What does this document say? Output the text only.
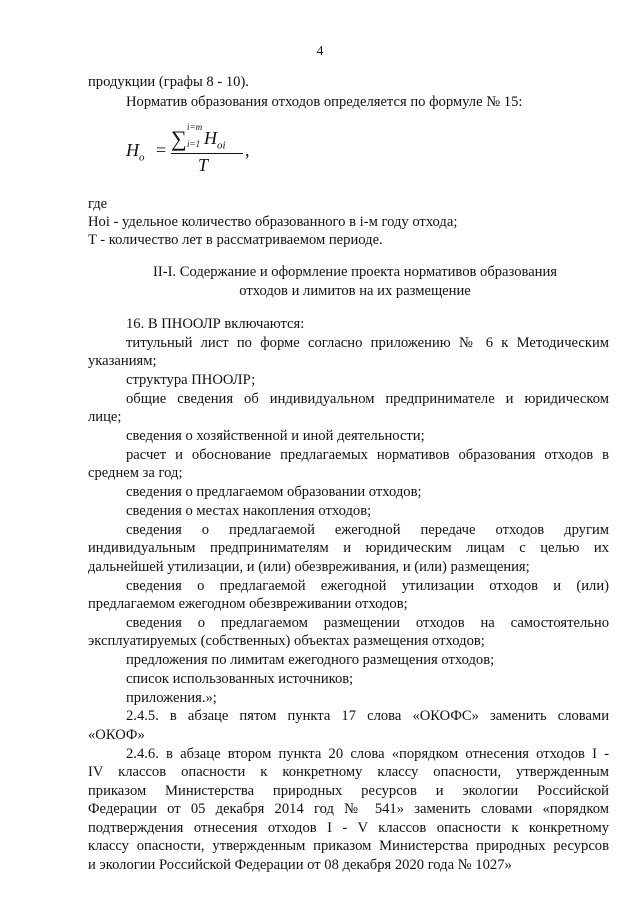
4
$H_o$ = ∑ i=m
i=1 $H_{oi}$
T
,
продукции (графы 8 - 10).
Норматив образования отходов определяется по формуле № 15:
где
Hoi - удельное количество образованного в i-м году отхода;
T - количество лет в рассматриваемом периоде.
II-I. Содержание и оформление проекта нормативов образования
отходов и лимитов на их размещение
16. В ПНООЛР включаются:
титульный лист по форме согласно приложению № 6 к Методическим
указаниям;
структура ПНООЛР;
общие сведения об индивидуальном предпринимателе и юридическом
лице;
сведения о хозяйственной и иной деятельности;
расчет и обоснование предлагаемых нормативов образования отходов в
среднем за год;
сведения о предлагаемом образовании отходов;
сведения о местах накопления отходов;
сведения о предлагаемой ежегодной передаче отходов другим
индивидуальным предпринимателям и юридическим лицам с целью их
дальнейшей утилизации, и (или) обезвреживания, и (или) размещения;
сведения о предлагаемой ежегодной утилизации отходов и (или)
предлагаемом ежегодном обезвреживании отходов;
сведения о предлагаемом размещении отходов на самостоятельно
эксплуатируемых (собственных) объектах размещения отходов;
предложения по лимитам ежегодного размещения отходов;
список использованных источников;
приложения.»;
2.4.5. в абзаце пятом пункта 17 слова «ОКОФС» заменить словами
«ОКОФ»
2.4.6. в абзаце втором пункта 20 слова «порядком отнесения отходов I -
IV классов опасности к конкретному классу опасности, утвержденным
приказом Министерства природных ресурсов и экологии Российской
Федерации от 05 декабря 2014 год № 541» заменить словами «порядком
подтверждения отнесения отходов I - V классов опасности к конкретному
классу опасности, утвержденным приказом Министерства природных ресурсов
и экологии Российской Федерации от 08 декабря 2020 года № 1027»
